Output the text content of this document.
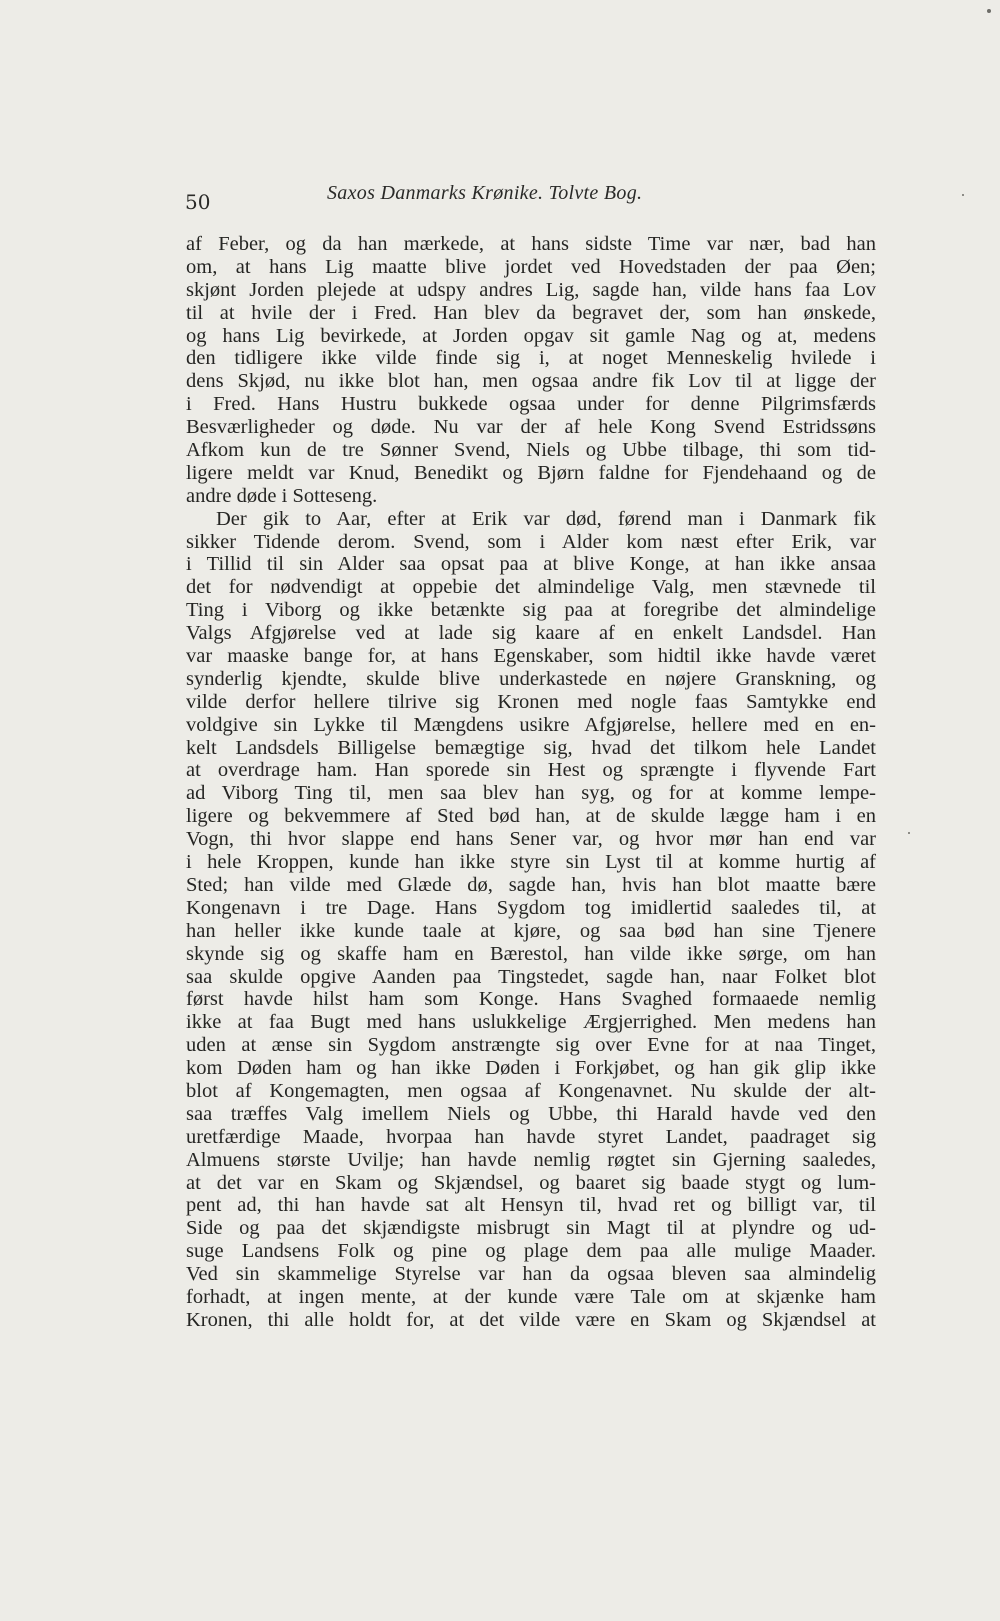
50	Saxos Danmarks Krønike. Tolvte Bog.
af Feber, og da han mærkede, at hans sidste Time var nær, bad han
om, at hans Lig maatte blive jordet ved Hovedstaden der paa Øen;
skjønt Jorden plejede at udspy andres Lig, sagde han, vilde hans faa Lov
til at hvile der i Fred. Han blev da begravet der, som han ønskede,
og hans Lig bevirkede, at Jorden opgav sit gamle Nag og at, medens
den tidligere ikke vilde finde sig i, at noget Menneskelig hvilede i
dens Skjød, nu ikke blot han, men ogsaa andre fik Lov til at ligge der
i Fred. Hans Hustru bukkede ogsaa under for denne Pilgrimsfærds
Besværligheder og døde. Nu var der af hele Kong Svend Estridssøns
Afkom kun de tre Sønner Svend, Niels og Ubbe tilbage, thi som tid-
ligere meldt var Knud, Benedikt og Bjørn faldne for Fjendehaand og de
andre døde i Sotteseng.
Der gik to Aar, efter at Erik var død, førend man i Danmark fik
sikker Tidende derom. Svend, som i Alder kom næst efter Erik, var
i Tillid til sin Alder saa opsat paa at blive Konge, at han ikke ansaa
det for nødvendigt at oppebie det almindelige Valg, men stævnede til
Ting i Viborg og ikke betænkte sig paa at foregribe det almindelige
Valgs Afgjørelse ved at lade sig kaare af en enkelt Landsdel. Han
var maaske bange for, at hans Egenskaber, som hidtil ikke havde været
synderlig kjendte, skulde blive underkastede en nøjere Granskning, og
vilde derfor hellere tilrive sig Kronen med nogle faas Samtykke end
voldgive sin Lykke til Mængdens usikre Afgjørelse, hellere med en en-
kelt Landsdels Billigelse bemægtige sig, hvad det tilkom hele Landet
at overdrage ham. Han sporede sin Hest og sprængte i flyvende Fart
ad Viborg Ting til, men saa blev han syg, og for at komme lempe-
ligere og bekvemmere af Sted bød han, at de skulde lægge ham i en
Vogn, thi hvor slappe end hans Sener var, og hvor mør han end var
i hele Kroppen, kunde han ikke styre sin Lyst til at komme hurtig af
Sted; han vilde med Glæde dø, sagde han, hvis han blot maatte bære
Kongenavn i tre Dage. Hans Sygdom tog imidlertid saaledes til, at
han heller ikke kunde taale at kjøre, og saa bød han sine Tjenere
skynde sig og skaffe ham en Bærestol, han vilde ikke sørge, om han
saa skulde opgive Aanden paa Tingstedet, sagde han, naar Folket blot
først havde hilst ham som Konge. Hans Svaghed formaaede nemlig
ikke at faa Bugt med hans uslukkelige Ærgjerrighed. Men medens han
uden at ænse sin Sygdom anstrængte sig over Evne for at naa Tinget,
kom Døden ham og han ikke Døden i Forkjøbet, og han gik glip ikke
blot af Kongemagten, men ogsaa af Kongenavnet. Nu skulde der alt-
saa træffes Valg imellem Niels og Ubbe, thi Harald havde ved den
uretfærdige Maade, hvorpaa han havde styret Landet, paadraget sig
Almuens største Uvilje; han havde nemlig røgtet sin Gjerning saaledes,
at det var en Skam og Skjændsel, og baaret sig baade stygt og lum-
pent ad, thi han havde sat alt Hensyn til, hvad ret og billigt var, til
Side og paa det skjændigste misbrugt sin Magt til at plyndre og ud-
suge Landsens Folk og pine og plage dem paa alle mulige Maader.
Ved sin skammelige Styrelse var han da ogsaa bleven saa almindelig
forhadt, at ingen mente, at der kunde være Tale om at skjænke ham
Kronen, thi alle holdt for, at det vilde være en Skam og Skjændsel at
